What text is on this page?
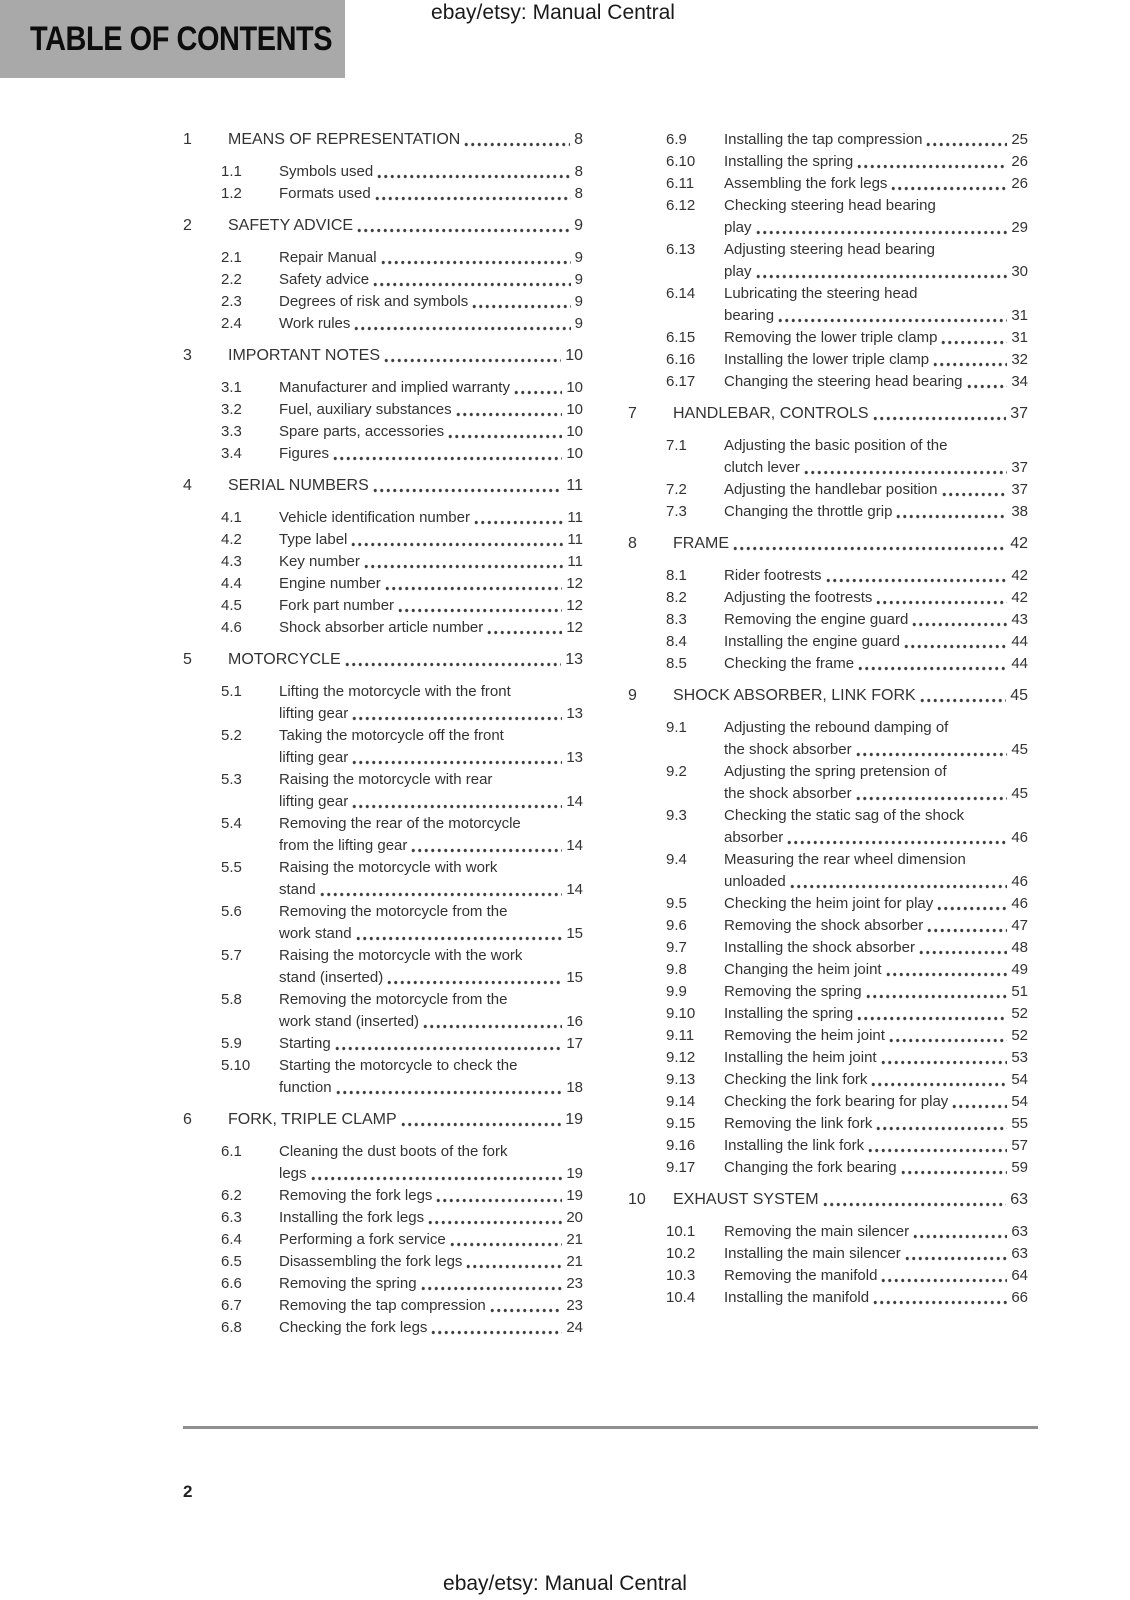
ebay/etsy: Manual Central
TABLE OF CONTENTS
1	MEANS OF REPRESENTATION	8
1.1	Symbols used	8
1.2	Formats used	8
2	SAFETY ADVICE	9
2.1	Repair Manual	9
2.2	Safety advice	9
2.3	Degrees of risk and symbols	9
2.4	Work rules	9
3	IMPORTANT NOTES	10
3.1	Manufacturer and implied warranty	10
3.2	Fuel, auxiliary substances	10
3.3	Spare parts, accessories	10
3.4	Figures	10
4	SERIAL NUMBERS	11
4.1	Vehicle identification number	11
4.2	Type label	11
4.3	Key number	11
4.4	Engine number	12
4.5	Fork part number	12
4.6	Shock absorber article number	12
5	MOTORCYCLE	13
5.1	Lifting the motorcycle with the front
lifting gear	13
5.2	Taking the motorcycle off the front
lifting gear	13
5.3	Raising the motorcycle with rear
lifting gear	14
5.4	Removing the rear of the motorcycle
from the lifting gear	14
5.5	Raising the motorcycle with work
stand	14
5.6	Removing the motorcycle from the
work stand	15
5.7	Raising the motorcycle with the work
stand (inserted)	15
5.8	Removing the motorcycle from the
work stand (inserted)	16
5.9	Starting	17
5.10	Starting the motorcycle to check the
function	18
6	FORK, TRIPLE CLAMP	19
6.1	Cleaning the dust boots of the fork
legs	19
6.2	Removing the fork legs	19
6.3	Installing the fork legs	20
6.4	Performing a fork service	21
6.5	Disassembling the fork legs	21
6.6	Removing the spring	23
6.7	Removing the tap compression	23
6.8	Checking the fork legs	24
6.9	Installing the tap compression	25
6.10	Installing the spring	26
6.11	Assembling the fork legs	26
6.12	Checking steering head bearing
play	29
6.13	Adjusting steering head bearing
play	30
6.14	Lubricating the steering head
bearing	31
6.15	Removing the lower triple clamp	31
6.16	Installing the lower triple clamp	32
6.17	Changing the steering head bearing	34
7	HANDLEBAR, CONTROLS	37
7.1	Adjusting the basic position of the
clutch lever	37
7.2	Adjusting the handlebar position	37
7.3	Changing the throttle grip	38
8	FRAME	42
8.1	Rider footrests	42
8.2	Adjusting the footrests	42
8.3	Removing the engine guard	43
8.4	Installing the engine guard	44
8.5	Checking the frame	44
9	SHOCK ABSORBER, LINK FORK	45
9.1	Adjusting the rebound damping of
the shock absorber	45
9.2	Adjusting the spring pretension of
the shock absorber	45
9.3	Checking the static sag of the shock
absorber	46
9.4	Measuring the rear wheel dimension
unloaded	46
9.5	Checking the heim joint for play	46
9.6	Removing the shock absorber	47
9.7	Installing the shock absorber	48
9.8	Changing the heim joint	49
9.9	Removing the spring	51
9.10	Installing the spring	52
9.11	Removing the heim joint	52
9.12	Installing the heim joint	53
9.13	Checking the link fork	54
9.14	Checking the fork bearing for play	54
9.15	Removing the link fork	55
9.16	Installing the link fork	57
9.17	Changing the fork bearing	59
10	EXHAUST SYSTEM	63
10.1	Removing the main silencer	63
10.2	Installing the main silencer	63
10.3	Removing the manifold	64
10.4	Installing the manifold	66
2
ebay/etsy: Manual Central
